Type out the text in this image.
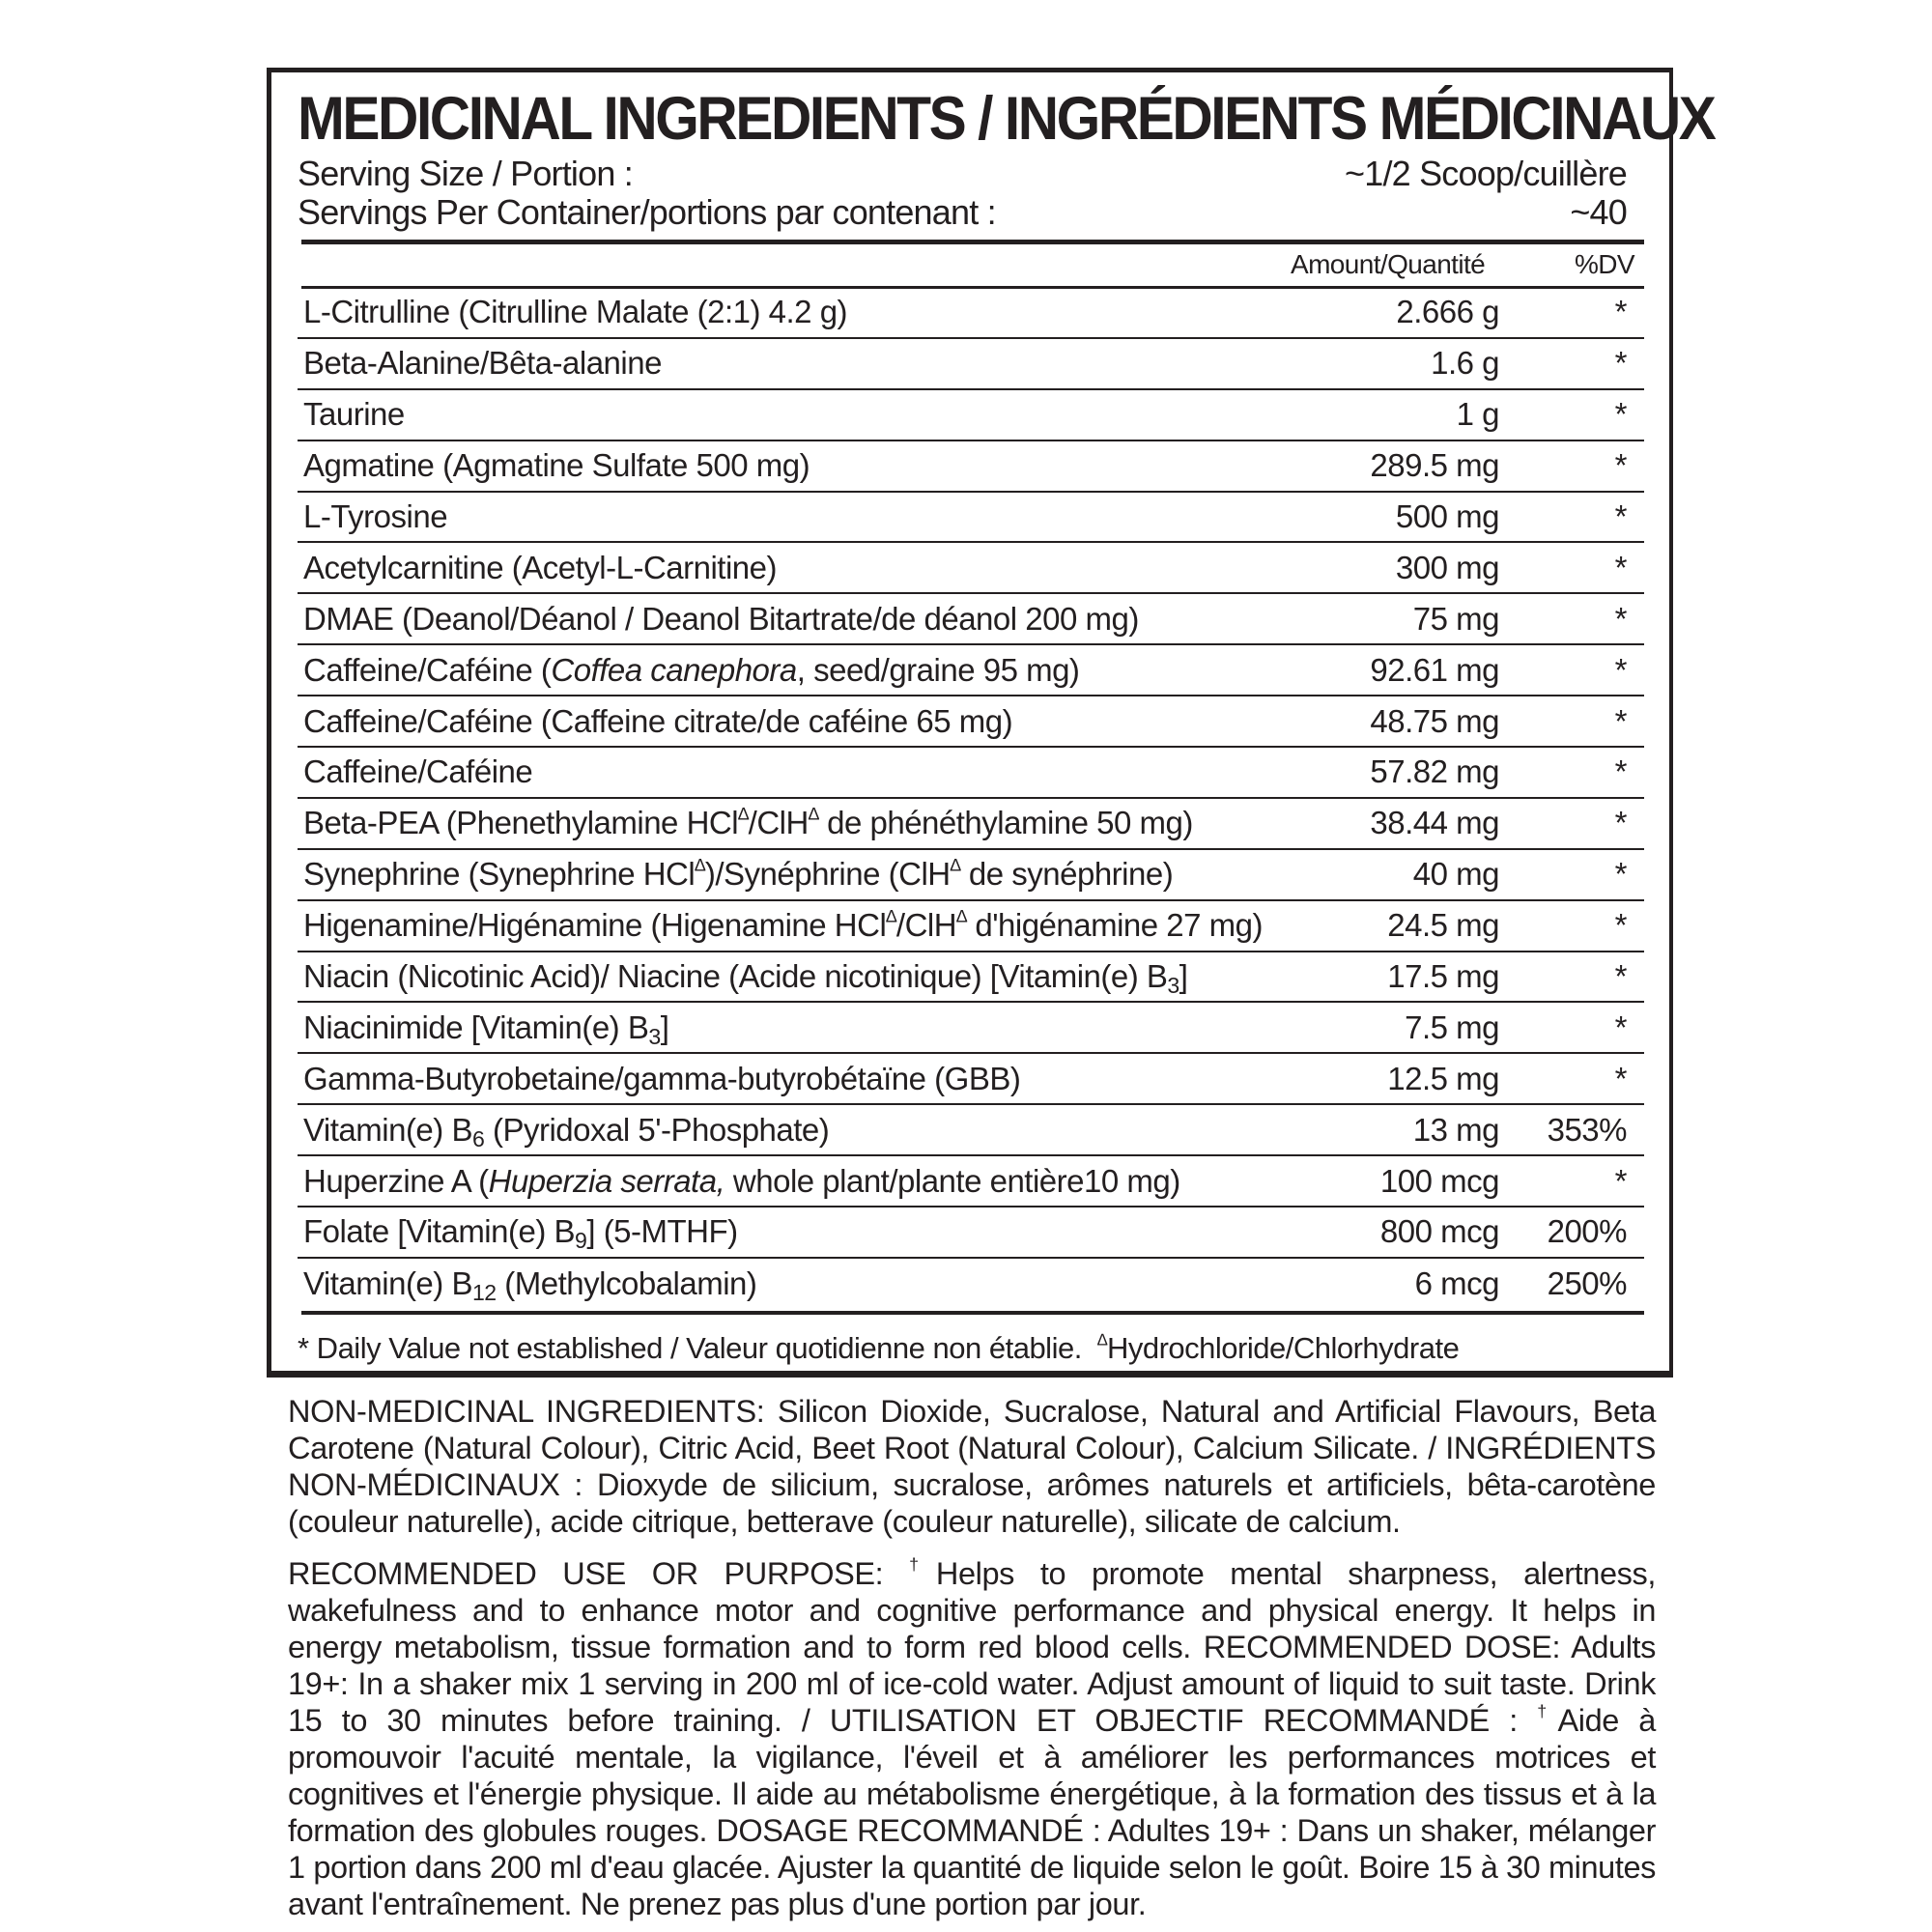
MEDICINAL INGREDIENTS / INGRÉDIENTS MÉDICINAUX
Serving Size / Portion :	~1/2 Scoop/cuillère
Servings Per Container/portions par contenant :	~40
Amount/Quantité	%DV
L-Citrulline (Citrulline Malate (2:1) 4.2 g)	2.666 g	*
Beta-Alanine/Bêta-alanine	1.6 g	*
Taurine	1 g	*
Agmatine (Agmatine Sulfate 500 mg)	289.5 mg	*
L-Tyrosine	500 mg	*
Acetylcarnitine (Acetyl-L-Carnitine)	300 mg	*
DMAE (Deanol/Déanol / Deanol Bitartrate/de déanol 200 mg)	75 mg	*
Caffeine/Caféine (Coffea canephora, seed/graine 95 mg)	92.61 mg	*
Caffeine/Caféine (Caffeine citrate/de caféine 65 mg)	48.75 mg	*
Caffeine/Caféine	57.82 mg	*
Beta-PEA (Phenethylamine HCl∆/ClH∆ de phénéthylamine 50 mg)	38.44 mg	*
Synephrine (Synephrine HCl∆)/Synéphrine (ClH∆ de synéphrine)	40 mg	*
Higenamine/Higénamine (Higenamine HCl∆/ClH∆ d'higénamine 27 mg)	24.5 mg	*
Niacin (Nicotinic Acid)/ Niacine (Acide nicotinique) [Vitamin(e) $B_3$]	17.5 mg	*
Niacinimide [Vitamin(e) $B_3$]	7.5 mg	*
Gamma-Butyrobetaine/gamma-butyrobétaïne (GBB)	12.5 mg	*
Vitamin(e) $B_6$ (Pyridoxal 5'-Phosphate)	13 mg 353%
Huperzine A (Huperzia serrata, whole plant/plante entière10 mg)	100 mcg	*
Folate [Vitamin(e) $B_9$] (5-MTHF)	800 mcg 200%
Vitamin(e) $B_{12}$ (Methylcobalamin)	6 mcg 250%
* Daily Value not established / Valeur quotidienne non établie. ∆Hydrochloride/Chlorhydrate
NON-MEDICINAL INGREDIENTS: Silicon Dioxide, Sucralose, Natural and Artificial Flavours, Beta Carotene (Natural Colour), Citric Acid, Beet Root (Natural Colour), Calcium Silicate. / INGRÉDIENTS NON-MÉDICINAUX : Dioxyde de silicium, sucralose, arômes naturels et artificiels, bêta-carotène (couleur naturelle), acide citrique, betterave (couleur naturelle), silicate de calcium.
RECOMMENDED USE OR PURPOSE: †Helps to promote mental sharpness, alertness, wakefulness and to enhance motor and cognitive performance and physical energy. It helps in energy metabolism, tissue formation and to form red blood cells. RECOMMENDED DOSE: Adults 19+: In a shaker mix 1 serving in 200 ml of ice-cold water. Adjust amount of liquid to suit taste. Drink 15 to 30 minutes before training. / UTILISATION ET OBJECTIF RECOMMANDÉ : †Aide à promouvoir l'acuité mentale, la vigilance, l'éveil et à améliorer les performances motrices et cognitives et l'énergie physique. Il aide au métabolisme énergétique, à la formation des tissus et à la formation des globules rouges. DOSAGE RECOMMANDÉ : Adultes 19+ : Dans un shaker, mélanger 1 portion dans 200 ml d'eau glacée. Ajuster la quantité de liquide selon le goût. Boire 15 à 30 minutes avant l'entraînement. Ne prenez pas plus d'une portion par jour.
